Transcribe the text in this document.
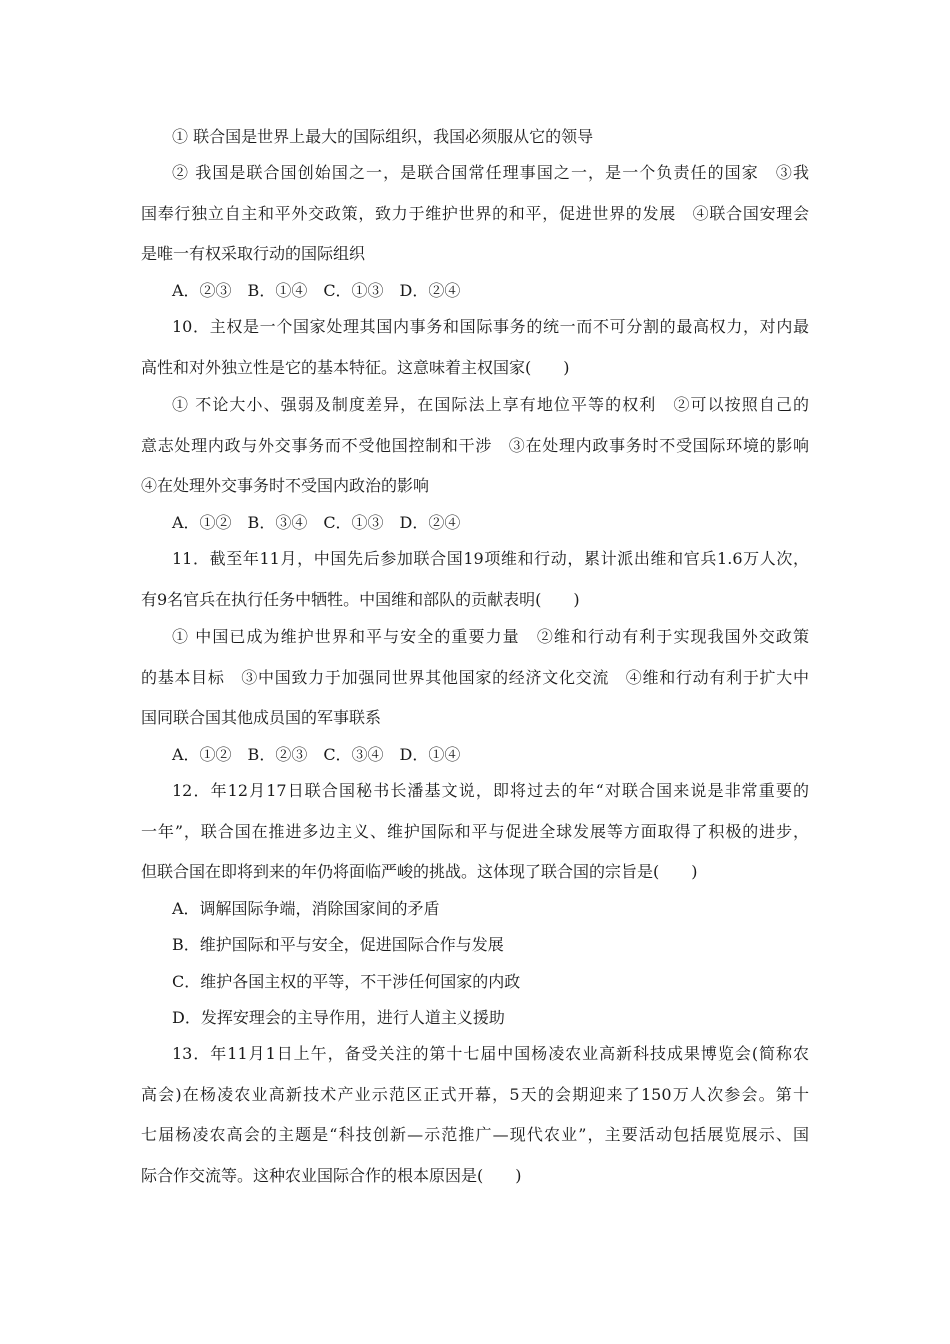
① 联合国是世界上最大的国际组织，我国必须服从它的领导
② 我国是联合国创始国之一，是联合国常任理事国之一，是一个负责任的国家　③我
国奉行独立自主和平外交政策，致力于维护世界的和平，促进世界的发展　④联合国安理会
是唯一有权采取行动的国际组织
A．②③　B．①④　C．①③　D．②④
10．主权是一个国家处理其国内事务和国际事务的统一而不可分割的最高权力，对内最
高性和对外独立性是它的基本特征。这意味着主权国家(　　)
① 不论大小、强弱及制度差异，在国际法上享有地位平等的权利　②可以按照自己的
意志处理内政与外交事务而不受他国控制和干涉　③在处理内政事务时不受国际环境的影响
④在处理外交事务时不受国内政治的影响
A．①②　B．③④　C．①③　D．②④
11．截至年11月，中国先后参加联合国19项维和行动，累计派出维和官兵1.6万人次，
有9名官兵在执行任务中牺牲。中国维和部队的贡献表明(　　)
① 中国已成为维护世界和平与安全的重要力量　②维和行动有利于实现我国外交政策
的基本目标　③中国致力于加强同世界其他国家的经济文化交流　④维和行动有利于扩大中
国同联合国其他成员国的军事联系
A．①②　B．②③　C．③④　D．①④
12．年12月17日联合国秘书长潘基文说，即将过去的年“对联合国来说是非常重要的
一年”，联合国在推进多边主义、维护国际和平与促进全球发展等方面取得了积极的进步，
但联合国在即将到来的年仍将面临严峻的挑战。这体现了联合国的宗旨是(　　)
A．调解国际争端，消除国家间的矛盾
B．维护国际和平与安全，促进国际合作与发展
C．维护各国主权的平等，不干涉任何国家的内政
D．发挥安理会的主导作用，进行人道主义援助
13．年11月1日上午，备受关注的第十七届中国杨凌农业高新科技成果博览会(简称农
高会)在杨凌农业高新技术产业示范区正式开幕，5天的会期迎来了150万人次参会。第十
七届杨凌农高会的主题是“科技创新—示范推广—现代农业”，主要活动包括展览展示、国
际合作交流等。这种农业国际合作的根本原因是(　　)
